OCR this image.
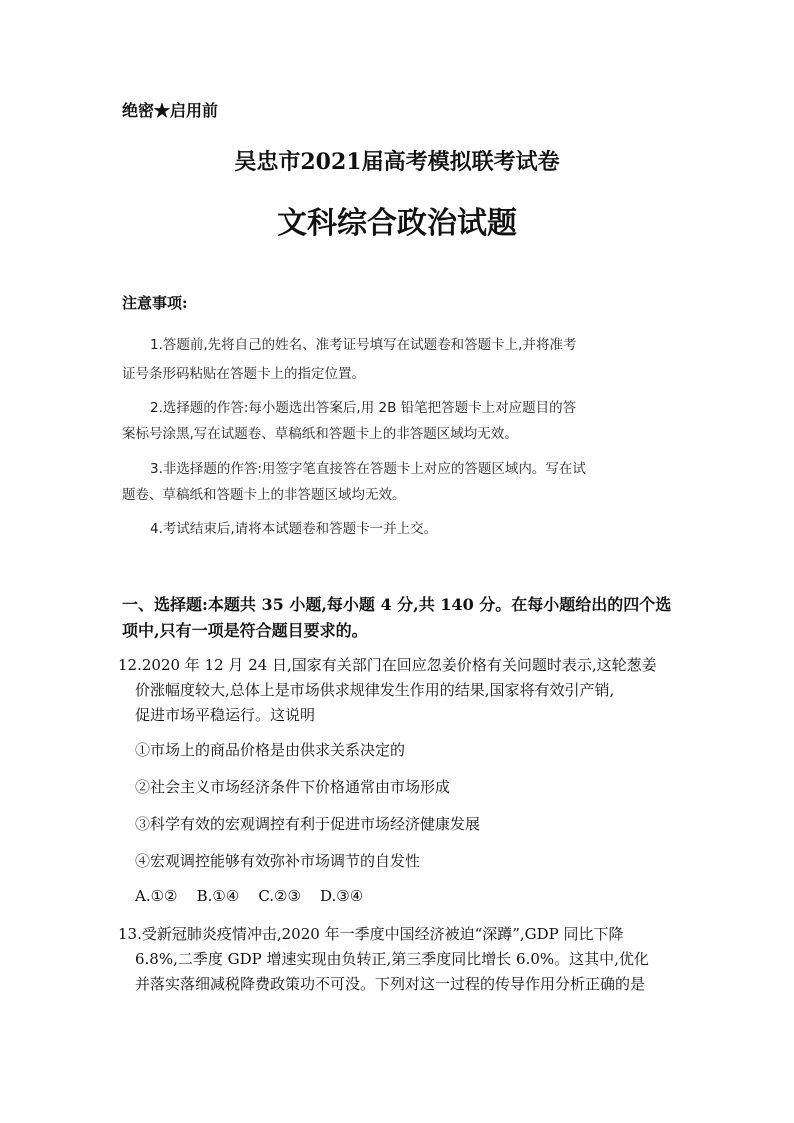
绝密★启用前
吴忠市2021届高考模拟联考试卷
文科综合政治试题
注意事项:
1.答题前,先将自己的姓名、准考证号填写在试题卷和答题卡上,并将准考
证号条形码粘贴在答题卡上的指定位置。
2.选择题的作答:每小题选出答案后,用 2B 铅笔把答题卡上对应题目的答
案标号涂黑,写在试题卷、草稿纸和答题卡上的非答题区域均无效。
3.非选择题的作答:用签字笔直接答在答题卡上对应的答题区域内。写在试
题卷、草稿纸和答题卡上的非答题区域均无效。
4.考试结束后,请将本试题卷和答题卡一并上交。
一、选择题:本题共 35 小题,每小题 4 分,共 140 分。在每小题给出的四个选
项中,只有一项是符合题目要求的。
12.2020 年 12 月 24 日,国家有关部门在回应忽姜价格有关问题时表示,这轮葱姜
价涨幅度较大,总体上是市场供求规律发生作用的结果,国家将有效引产销,
促进市场平稳运行。这说明
①市场上的商品价格是由供求关系决定的
②社会主义市场经济条件下价格通常由市场形成
③科学有效的宏观调控有利于促进市场经济健康发展
④宏观调控能够有效弥补市场调节的自发性
A.①②    B.①④    C.②③    D.③④
13.受新冠肺炎疫情冲击,2020 年一季度中国经济被迫“深蹲”,GDP 同比下降
6.8%,二季度 GDP 增速实现由负转正,第三季度同比增长 6.0%。这其中,优化
并落实落细减税降费政策功不可没。下列对这一过程的传导作用分析正确的是
